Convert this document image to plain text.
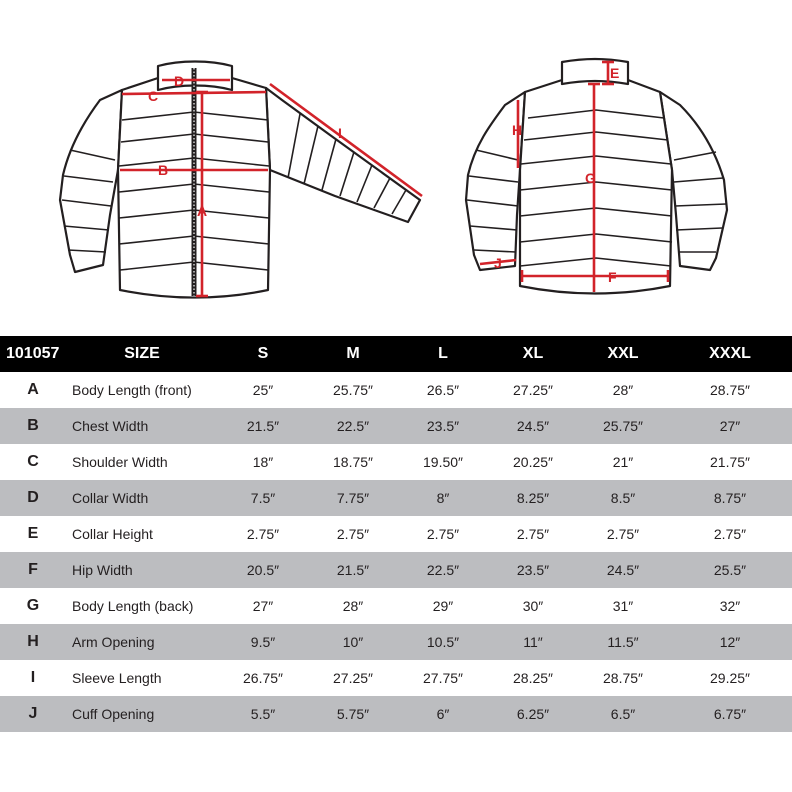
A
B
C
D
I
E
G
F
H
J
101057	SIZE	S	M	L	XL	XXL	XXXL
A	Body Length (front)	25″	25.75″	26.5″	27.25″	28″	28.75″
B	Chest Width	21.5″	22.5″	23.5″	24.5″	25.75″	27″
C	Shoulder Width	18″	18.75″	19.50″	20.25″	21″	21.75″
D	Collar Width	7.5″	7.75″	8″	8.25″	8.5″	8.75″
E	Collar Height	2.75″	2.75″	2.75″	2.75″	2.75″	2.75″
F	Hip Width	20.5″	21.5″	22.5″	23.5″	24.5″	25.5″
G	Body Length (back)	27″	28″	29″	30″	31″	32″
H	Arm Opening	9.5″	10″	10.5″	11″	11.5″	12″
I	Sleeve Length	26.75″	27.25″	27.75″	28.25″	28.75″	29.25″
J	Cuff Opening	5.5″	5.75″	6″	6.25″	6.5″	6.75″
